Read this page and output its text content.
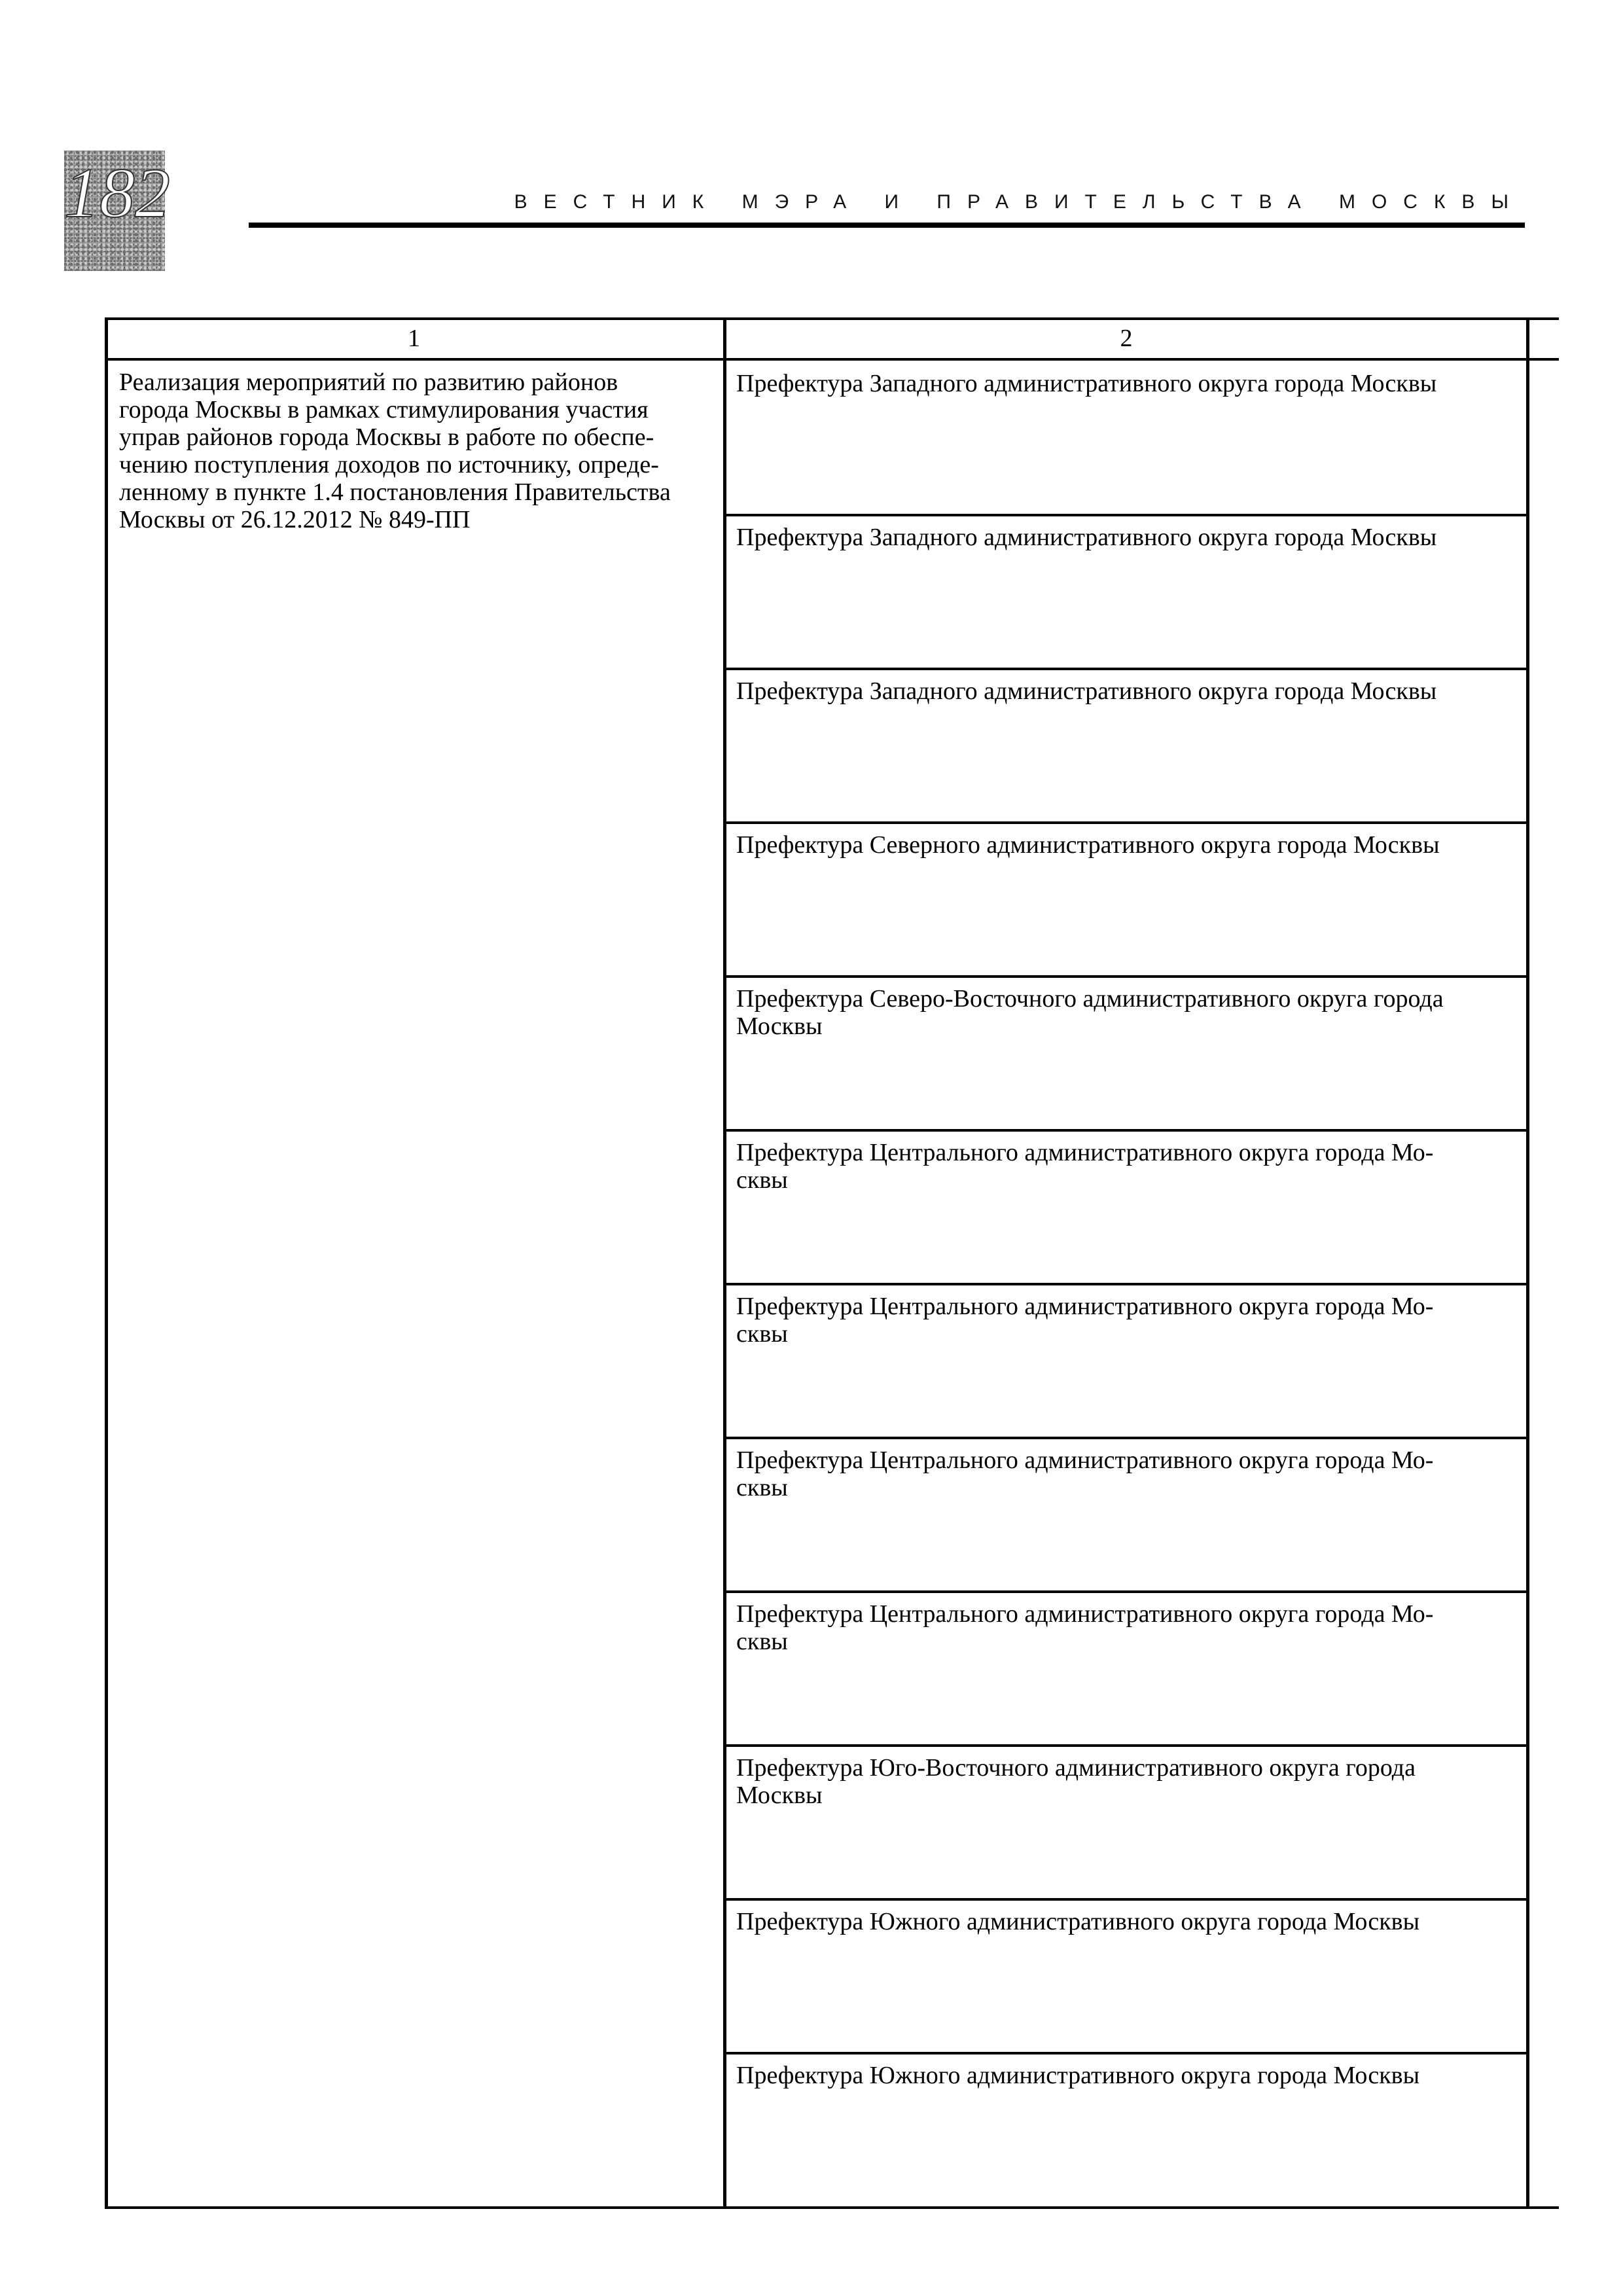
182	ВЕСТНИК МЭРА И ПРАВИТЕЛЬСТВА МОСКВЫ
1	2
Реализация мероприятий по развитию районов
города Москвы в рамках стимулирования участия
управ районов города Москвы в работе по обеспе-
чению поступления доходов по источнику, опреде-
ленному в пункте 1.4 постановления Правительства
Москвы от 26.12.2012 № 849-ПП
Префектура Западного административного округа города Москвы
Префектура Западного административного округа города Москвы
Префектура Западного административного округа города Москвы
Префектура Северного административного округа города Москвы
Префектура Северо-Восточного административного округа города
Москвы
Префектура Центрального административного округа города Мо-
сквы
Префектура Центрального административного округа города Мо-
сквы
Префектура Центрального административного округа города Мо-
сквы
Префектура Центрального административного округа города Мо-
сквы
Префектура Юго-Восточного административного округа города
Москвы
Префектура Южного административного округа города Москвы
Префектура Южного административного округа города Москвы
